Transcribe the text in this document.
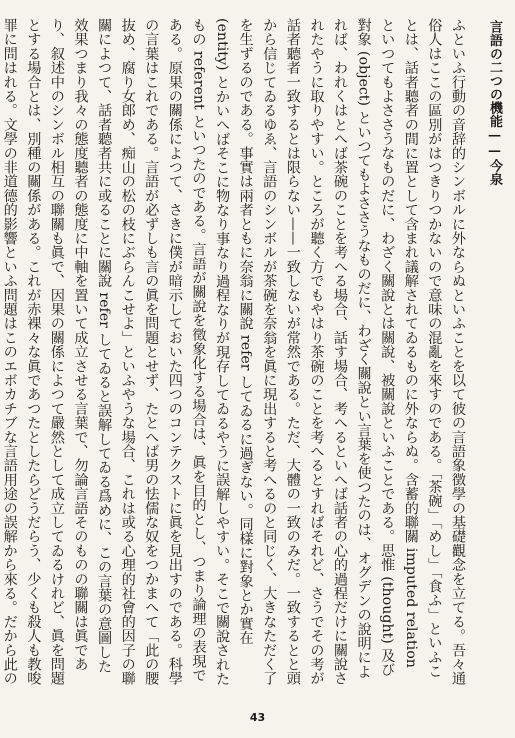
言語の二つの機能——今泉

ふといふ行動の音辞的シンボルに外ならぬといふことを以て彼の言語象徴學の基礎觀念を立てる。吾々通俗人はここの區別がはつきりつかないので意味の混亂を來すのである。「茶碗」「めし」「食ふ」といふことは、話者聽者の間に置として含まれ議解されてゐるものに外ならぬ。含蓄的聯關 imputed relation といつてもよささうなものだに、わざく關說とは關說、被關說といふことである。思惟 (thought) 及び對象 (object) といつてもよささうなものだに、わざく關說とい言葉を使つたのは、オグデンの說明によれば、われくはとへば茶碗のことを考へる場合、話す場合、考へるといへば話者の心的過程だけに關說されたやうに取りやすい。ところが聽く方でもやはり茶碗のことを考へるとすればそれど、さうでその考が話者聽者一致するとは限らない——一致しないが常然である。ただ、大體の一致のみだ。一致するとと頭から信じてゐるゆゑ、言語のシンボルが茶碗を奈翁を眞に現出すると考へるのと同じく、大きなただく了を生ずるのである。事實は兩者ともに奈翁に關說 refer してゐるに過ぎない。同樣に對象とか實在 (entity) とかいへばそこに物なり事なり過程なりが現存してゐるやうに誤解しやすい。そこで關說されたもの referent といつたのである。言語が關說を徵象化する場合は、眞を目的とし、つまり論理の表現である。原果の關係によつて、さきに僕が暗示しておいた四つのコンテクストに眞を見出すのである。科學の言葉はこれである。言語が必ずしも言の眞を問題とせず、たとへば男の怯儒な奴をつかまへて「此の腰抜め、腐り女郎め、痴山の松の枝にぶらんこせよ」といふやうな場合、これは或る心理的社會的因子の聯關によつて、話者聽者共に或ることに關說 refer してゐると誤解してゐる爲めに、この言葉の意圖した效果つまり我々の態度聽者の態度に中軸を置いて成立させる言葉で、勿論言語そのものの聯關は眞であり、叙述中のシンボル相互の聯關も眞で、因果の關係によつて嚴然として成立してゐるけれど、眞を問題とする場合とは、別種の關係がある。これが赤裸々な眞であつたとしたらどうだらう、少くも殺人も教唆罪に問はれる。文學の非道德的影響といふ問題はこのエボカチブな言語用途の誤解から來る。だから此の

43
